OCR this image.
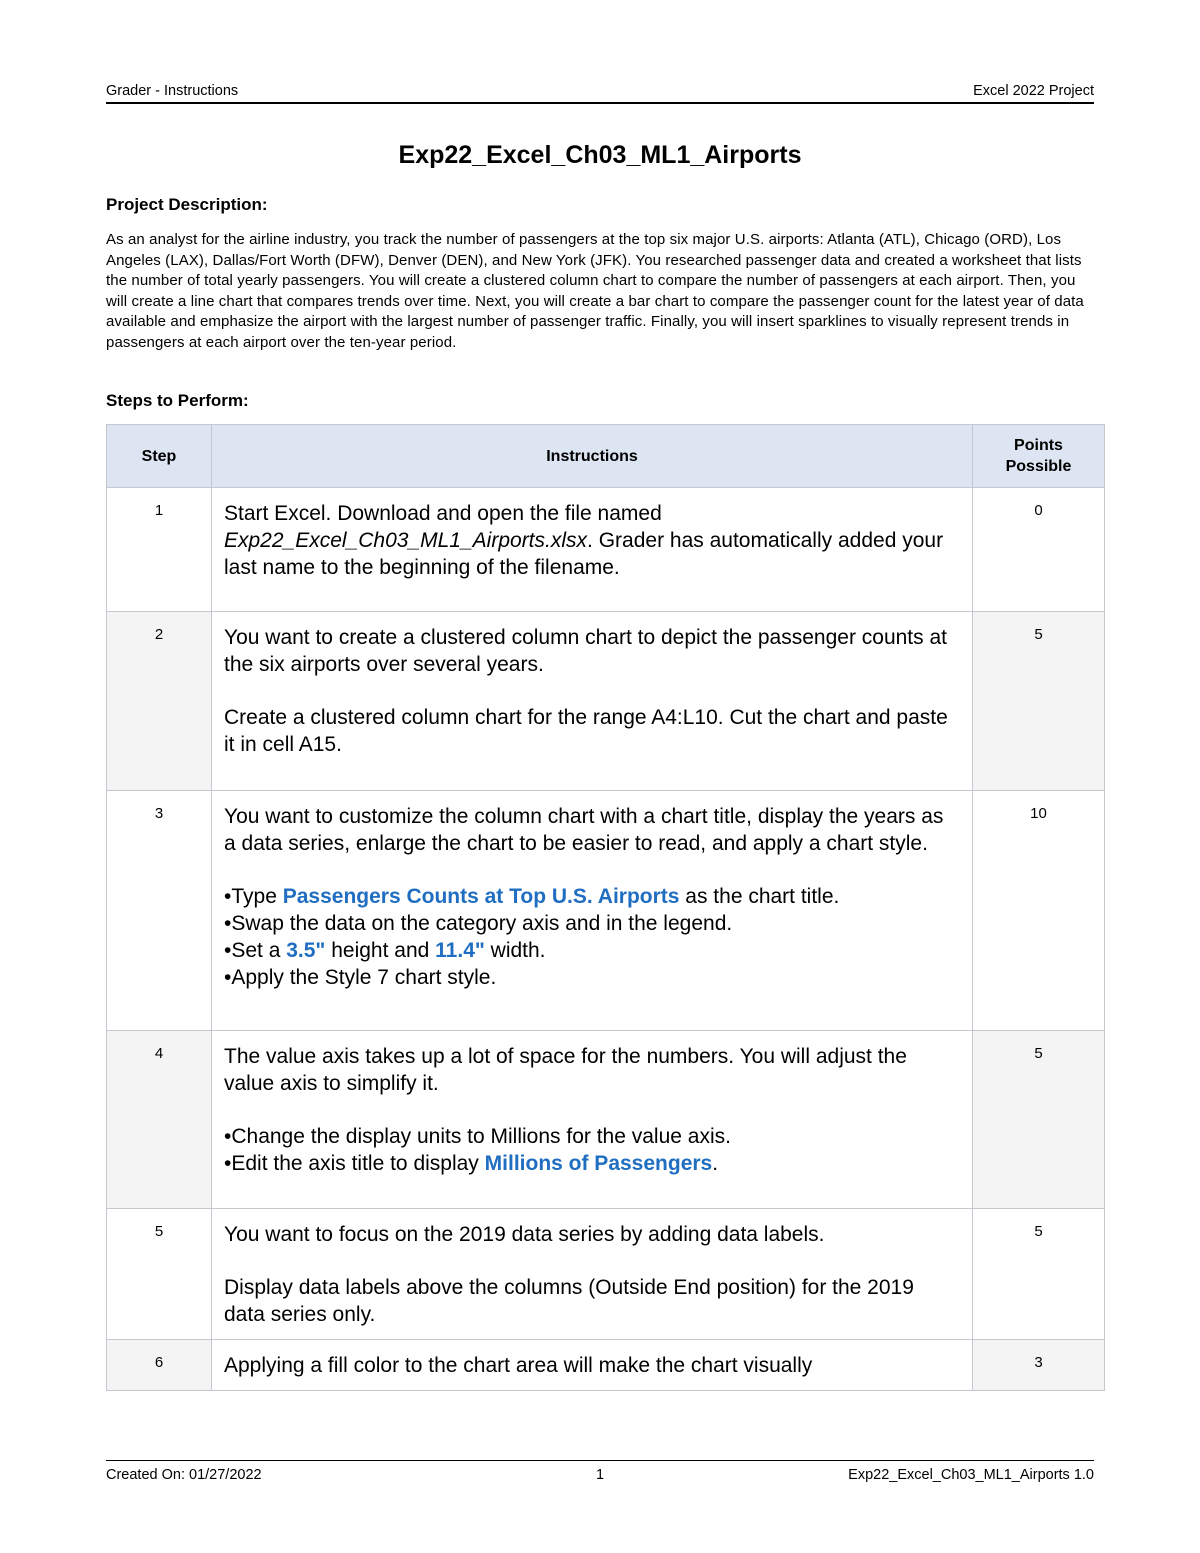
Grader - Instructions	Excel 2022 Project
Exp22_Excel_Ch03_ML1_Airports
Project Description:

As an analyst for the airline industry, you track the number of passengers at the top six major U.S. airports: Atlanta (ATL), Chicago (ORD), Los Angeles (LAX), Dallas/Fort Worth (DFW), Denver (DEN), and New York (JFK). You researched passenger data and created a worksheet that lists the number of total yearly passengers. You will create a clustered column chart to compare the number of passengers at each airport. Then, you will create a line chart that compares trends over time. Next, you will create a bar chart to compare the passenger count for the latest year of data available and emphasize the airport with the largest number of passenger traffic. Finally, you will insert sparklines to visually represent trends in passengers at each airport over the ten-year period.

Steps to Perform:
Step	Instructions	Points Possible
1	Start Excel. Download and open the file named Exp22_Excel_Ch03_ML1_Airports.xlsx. Grader has automatically added your last name to the beginning of the filename.	0
2	You want to create a clustered column chart to depict the passenger counts at the six airports over several years.

Create a clustered column chart for the range A4:L10. Cut the chart and paste it in cell A15.	5
3	You want to customize the column chart with a chart title, display the years as a data series, enlarge the chart to be easier to read, and apply a chart style.

•Type Passengers Counts at Top U.S. Airports as the chart title.
•Swap the data on the category axis and in the legend.
•Set a 3.5" height and 11.4" width.
•Apply the Style 7 chart style.	10
4	The value axis takes up a lot of space for the numbers. You will adjust the value axis to simplify it.

•Change the display units to Millions for the value axis.
•Edit the axis title to display Millions of Passengers.	5
5	You want to focus on the 2019 data series by adding data labels.

Display data labels above the columns (Outside End position) for the 2019 data series only.	5
6	Applying a fill color to the chart area will make the chart visually	3
Created On: 01/27/2022	1	Exp22_Excel_Ch03_ML1_Airports 1.0
